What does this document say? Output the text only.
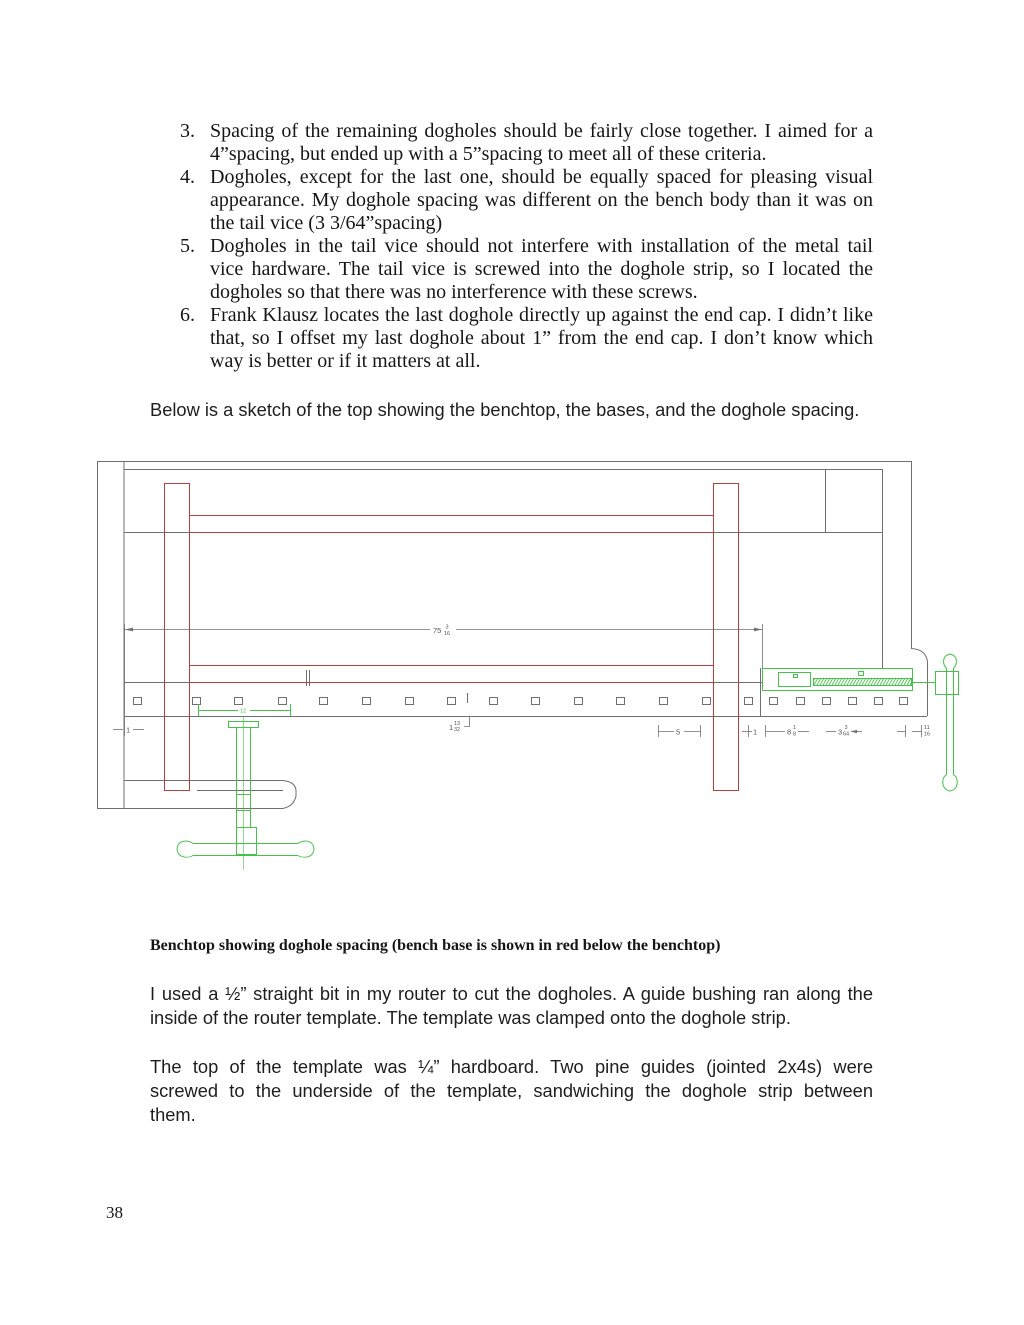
3. Spacing of the remaining dogholes should be fairly close together. I aimed for a
4”spacing, but ended up with a 5”spacing to meet all of these criteria.
4. Dogholes, except for the last one, should be equally spaced for pleasing visual
appearance. My doghole spacing was different on the bench body than it was on
the tail vice (3 3/64”spacing)
5. Dogholes in the tail vice should not interfere with installation of the metal tail
vice hardware. The tail vice is screwed into the doghole strip, so I located the
dogholes so that there was no interference with these screws.
6. Frank Klausz locates the last doghole directly up against the end cap. I didn’t like
that, so I offset my last doghole about 1” from the end cap. I don’t know which
way is better or if it matters at all.
Below is a sketch of the top showing the benchtop, the bases, and the doghole spacing.
75 3
16
1	1 13
32	5	1	8 1
8	3 3
64
11
16
12
Benchtop showing doghole spacing (bench base is shown in red below the benchtop)
I used a ½” straight bit in my router to cut the dogholes. A guide bushing ran along the
inside of the router template. The template was clamped onto the doghole strip.
The top of the template was ¼” hardboard. Two pine guides (jointed 2x4s) were
screwed to the underside of the template, sandwiching the doghole strip between
them.
38
